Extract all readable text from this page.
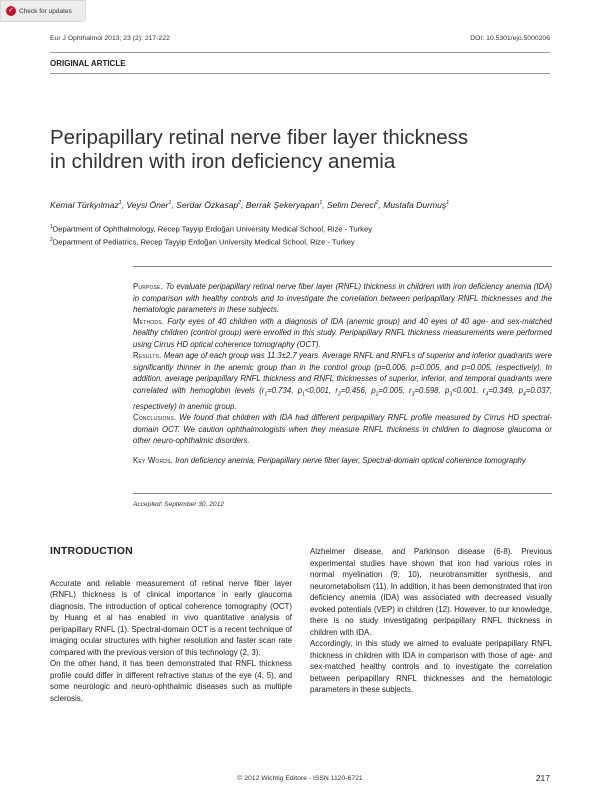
✓ Check for updates
Eur J Ophthalmol 2013; 23 (2): 217-222	DOI: 10.5301/ejo.5000206
ORIGINAL ARTICLE
Peripapillary retinal nerve fiber layer thickness
in children with iron deficiency anemia
Kemal Türkyılmaz$^1$, Veysi Öner$^1$, Serdar Özkasap$^2$, Berrak Şekeryapan$^1$, Selim Dereci$^2$, Mustafa Durmuş$^1$
$^1$Department of Ophthalmology, Recep Tayyip Erdoğan University Medical School, Rize - Turkey
$^2$Department of Pediatrics, Recep Tayyip Erdoğan University Medical School, Rize - Turkey

Purpose. To evaluate peripapillary retinal nerve fiber layer (RNFL) thickness in children with iron deficiency anemia (IDA) in comparison with healthy controls and to investigate the correlation between peripapillary RNFL thicknesses and the hematologic parameters in these subjects.

Methods. Forty eyes of 40 children with a diagnosis of IDA (anemic group) and 40 eyes of 40 age- and sex-matched healthy children (control group) were enrolled in this study. Peripapillary RNFL thickness measurements were performed using Cirrus HD optical coherence tomography (OCT).

Results. Mean age of each group was 11.3±2.7 years. Average RNFL and RNFLs of superior and inferior quadrants were significantly thinner in the anemic group than in the control group (p=0.006, p=0.005, and p=0.005, respectively). In addition, average peripapillary RNFL thickness and RNFL thicknesses of superior, inferior, and temporal quadrants were correlated with hemoglobin levels ($r_1=0.734$, $p_1<0.001$, $r_2=0.456$, $p_2=0.005$, $r_3=0.598$, $p_3<0.001$, $r_4=0.349$, $p_4=0.037$, respectively) in anemic group.

Conclusions. We found that children with IDA had different peripapillary RNFL profile measured by Cirrus HD spectral-domain OCT. We caution ophthalmologists when they measure RNFL thickness in children to diagnose glaucoma or other neuro-ophthalmic disorders.

Key Words. Iron deficiency anemia, Peripapillary nerve fiber layer, Spectral-domain optical coherence tomography

Accepted: September 30, 2012
INTRODUCTION

Accurate and reliable measurement of retinal nerve fiber layer (RNFL) thickness is of clinical importance in early glaucoma diagnosis. The introduction of optical coherence tomography (OCT) by Huang et al has enabled in vivo quantitative analysis of peripapillary RNFL (1). Spectral-domain OCT is a recent technique of imaging ocular structures with higher resolution and faster scan rate compared with the previous version of this technology (2, 3).

On the other hand, it has been demonstrated that RNFL thickness profile could differ in different refractive status of the eye (4, 5), and some neurologic and neuro-ophthalmic diseases such as multiple sclerosis,

Alzheimer disease, and Parkinson disease (6-8). Previous experimental studies have shown that iron had various roles in normal myelination (9, 10), neurotransmitter synthesis, and neurometabolism (11). In addition, it has been demonstrated that iron deficiency anemia (IDA) was associated with decreased visually evoked potentials (VEP) in children (12). However, to our knowledge, there is no study investigating peripapillary RNFL thickness in children with IDA.

Accordingly, in this study we aimed to evaluate peripapillary RNFL thickness in children with IDA in comparison with those of age- and sex-matched healthy controls and to investigate the correlation between peripapillary RNFL thicknesses and the hematologic parameters in these subjects.

© 2012 Wichtig Editore - ISSN 1120-6721	217
